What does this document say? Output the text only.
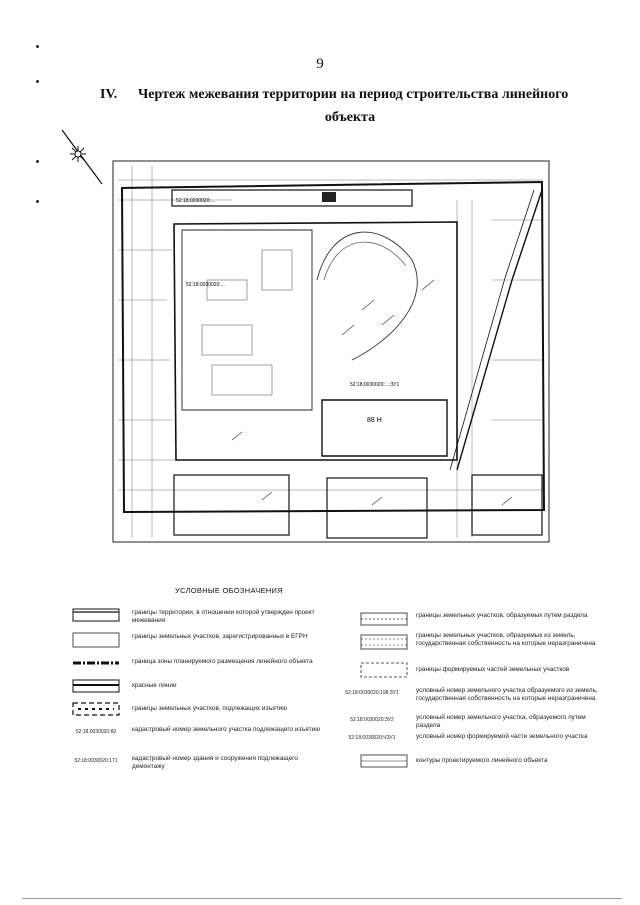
9
IV. Чертеж межевания территории на период строительства линейного
объекта
52:18:0030020:...
52:18:0030020:...
88 Н
52:18:0030020:...:ЗУ1
УСЛОВНЫЕ ОБОЗНАЧЕНИЯ
границы территории, в отношении которой утвержден проект межевания
границы земельных участков, зарегистрированных в ЕГРН
граница зоны планируемого размещения линейного объекта
красные линии
границы земельных участков, подлежащих изъятию
52:18:0030020:60	кадастровый номер земельного участка подлежащего изъятию
52:18:0030020:171	кадастровый номер здания и сооружения подлежащего демонтажу
границы земельных участков, образуемых путем раздела
границы земельных участков, образуемых из земель, государственная собственность на которые неразграничена
границы формируемых частей земельных участков
52:18:0030020:198:ЗУ1	условный номер земельного участка образуемого из земель, государственная собственность на которые неразграничена
52:18:0030020:ЗУ2	условный номер земельного участка, образуемого путем раздела
52:18:0030020:ЧЗУ1	условный номер формируемой части земельного участка
контуры проектируемого линейного объекта
